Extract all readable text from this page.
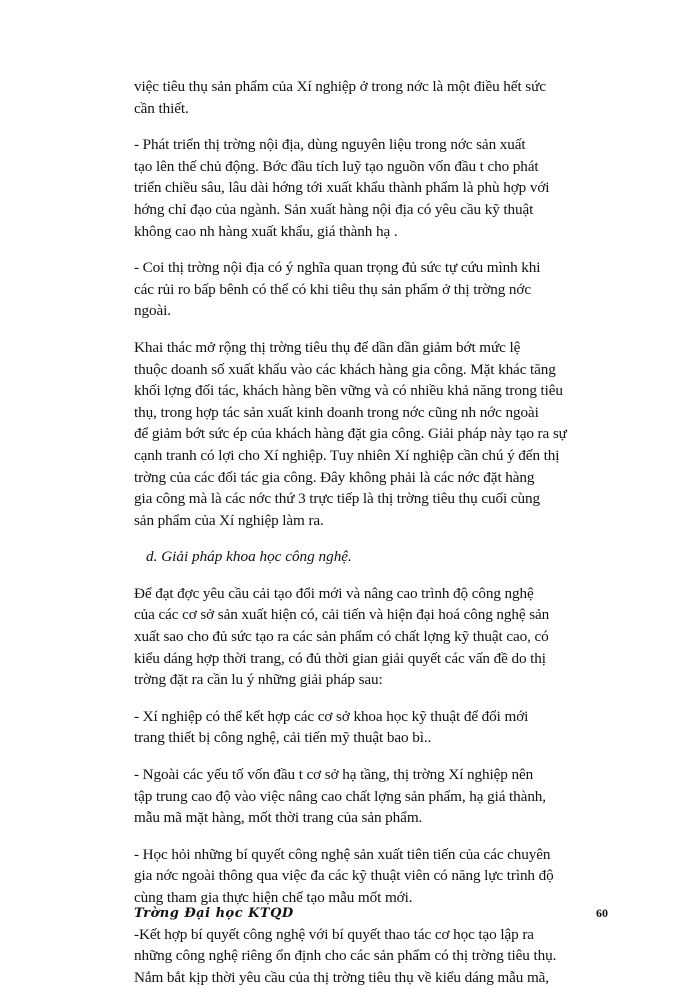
việc tiêu thụ sản phẩm của Xí nghiệp ở trong nớc là một điều hết sức
cần thiết.

- Phát triển thị trờng nội địa, dùng nguyên liệu trong nớc sản xuất
tạo lên thế chủ động. Bớc đầu tích luỹ tạo nguồn vốn đầu t cho phát
triển chiều sâu, lâu dài hớng tới xuất khẩu thành phẩm là phù hợp với
hớng chỉ đạo của ngành. Sản xuất hàng nội địa có yêu cầu kỹ thuật
không cao nh hàng xuất khẩu, giá thành hạ .

- Coi thị trờng nội địa có ý nghĩa quan trọng đủ sức tự cứu mình khi
các rủi ro bấp bênh có thể có khi tiêu thụ sản phẩm ở thị trờng nớc
ngoài.

Khai thác mở rộng thị trờng tiêu thụ để dần dần giảm bớt mức lệ
thuộc doanh số xuất khẩu vào các khách hàng gia công. Mặt khác tăng
khối lợng đối tác, khách hàng bền vững và có nhiều khả năng trong tiêu
thụ, trong hợp tác sản xuất kinh doanh trong nớc cũng nh nớc ngoài
để giảm bớt sức ép của khách hàng đặt gia công. Giải pháp này tạo ra sự
cạnh tranh có lợi cho Xí nghiệp. Tuy nhiên Xí nghiệp cần chú ý đến thị
trờng của các đối tác gia công. Đây không phải là các nớc đặt hàng
gia công mà là các nớc thứ 3 trực tiếp là thị trờng tiêu thụ cuối cùng
sản phẩm của Xí nghiệp làm ra.

d. Giải pháp khoa học công nghệ.

Để đạt đợc yêu cầu cải tạo đổi mới và nâng cao trình độ công nghệ
của các cơ sở sản xuất hiện có, cải tiến và hiện đại hoá công nghệ sản
xuất sao cho đủ sức tạo ra các sản phẩm có chất lợng kỹ thuật cao, có
kiểu dáng hợp thời trang, có đủ thời gian giải quyết các vấn đề do thị
trờng đặt ra cần lu ý những giải pháp sau:

- Xí nghiệp có thể kết hợp các cơ sở khoa học kỹ thuật để đổi mới
trang thiết bị công nghệ, cải tiến mỹ thuật bao bì..

- Ngoài các yếu tố vốn đầu t cơ sở hạ tầng, thị trờng Xí nghiệp nên
tập trung cao độ vào việc nâng cao chất lợng sản phẩm, hạ giá thành,
mẫu mã mặt hàng, mốt thời trang của sản phẩm.

- Học hỏi những bí quyết công nghệ sản xuất tiên tiến của các chuyên
gia nớc ngoài thông qua việc đa các kỹ thuật viên có năng lực trình độ
cùng tham gia thực hiện chế tạo mẫu mốt mới.

-Kết hợp bí quyết công nghệ với bí quyết thao tác cơ học tạo lập ra
những công nghệ riêng ổn định cho các sản phẩm có thị trờng tiêu thụ.
Nắm bắt kịp thời yêu cầu của thị trờng tiêu thụ về kiểu dáng mẫu mã,

Trờng Đại học KTQD	60
